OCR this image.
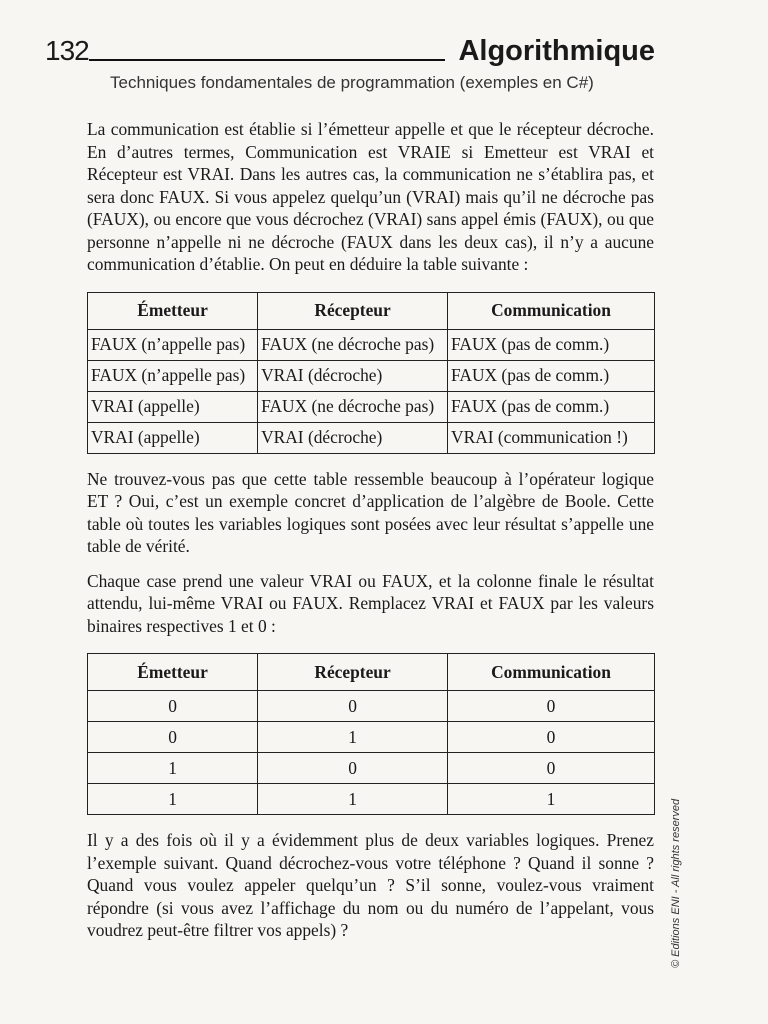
132	Algorithmique
Techniques fondamentales de programmation (exemples en C#)

La communication est établie si l’émetteur appelle et que le récepteur décroche. En d’autres termes, Communication est VRAIE si Emetteur est VRAI et Récepteur est VRAI. Dans les autres cas, la communication ne s’établira pas, et sera donc FAUX. Si vous appelez quelqu’un (VRAI) mais qu’il ne décroche pas (FAUX), ou encore que vous décrochez (VRAI) sans appel émis (FAUX), ou que personne n’appelle ni ne décroche (FAUX dans les deux cas), il n’y a aucune communication d’établie. On peut en déduire la table suivante :

Émetteur	Récepteur	Communication
FAUX (n’appelle pas)	FAUX (ne décroche pas)	FAUX (pas de comm.)
FAUX (n’appelle pas)	VRAI (décroche)	FAUX (pas de comm.)
VRAI (appelle)	FAUX (ne décroche pas)	FAUX (pas de comm.)
VRAI (appelle)	VRAI (décroche)	VRAI (communication !)

Ne trouvez-vous pas que cette table ressemble beaucoup à l’opérateur logique ET ? Oui, c’est un exemple concret d’application de l’algèbre de Boole. Cette table où toutes les variables logiques sont posées avec leur résultat s’appelle une table de vérité.

Chaque case prend une valeur VRAI ou FAUX, et la colonne finale le résultat attendu, lui-même VRAI ou FAUX. Remplacez VRAI et FAUX par les valeurs binaires respectives 1 et 0 :

Émetteur	Récepteur	Communication
0	0	0
0	1	0
1	0	0
1	1	1

Il y a des fois où il y a évidemment plus de deux variables logiques. Prenez l’exemple suivant. Quand décrochez-vous votre téléphone ? Quand il sonne ? Quand vous voulez appeler quelqu’un ? S’il sonne, voulez-vous vraiment répondre (si vous avez l’affichage du nom ou du numéro de l’appelant, vous voudrez peut-être filtrer vos appels) ?	© Editions ENI - All rights reserved
